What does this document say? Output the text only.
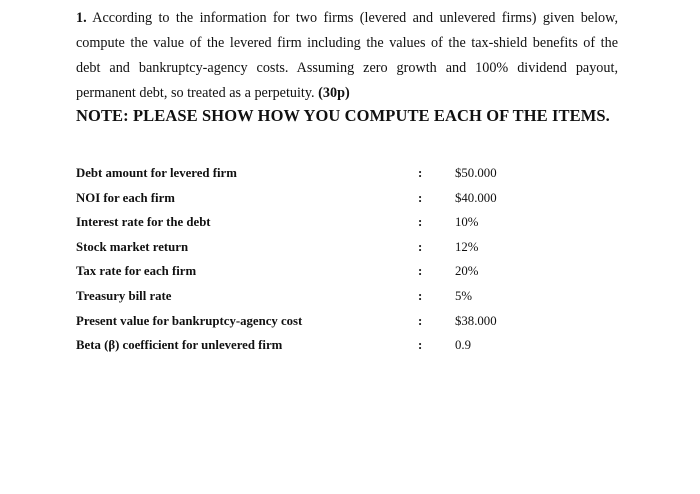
1. According to the information for two firms (levered and unlevered firms) given below,
compute the value of the levered firm including the values of the tax-shield benefits of the
debt and bankruptcy-agency costs. Assuming zero growth and 100% dividend payout,
permanent debt, so treated as a perpetuity. (30p)
NOTE: PLEASE SHOW HOW YOU COMPUTE EACH OF THE ITEMS.
Debt amount for levered firm	:	$50.000
NOI for each firm	:	$40.000
Interest rate for the debt	:	10%
Stock market return	:	12%
Tax rate for each firm	:	20%
Treasury bill rate	:	5%
Present value for bankruptcy-agency cost	:	$38.000
Beta (β) coefficient for unlevered firm	:	0.9
